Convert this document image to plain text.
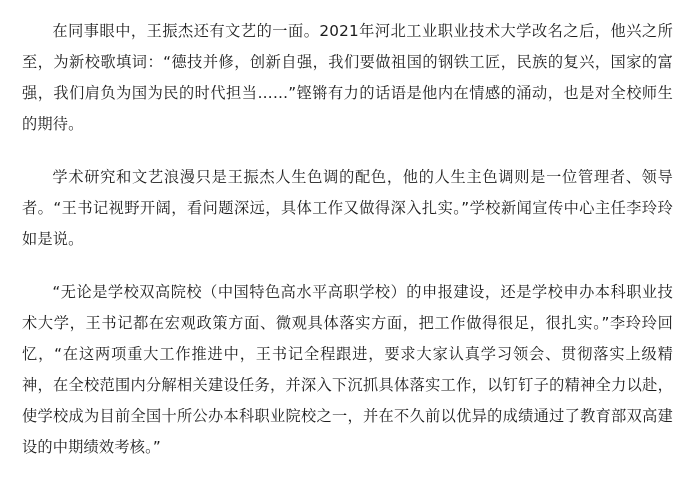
在同事眼中，王振杰还有文艺的一面。2021年河北工业职业技术大学改名之后，他兴之所至，为新校歌填词：“德技并修，创新自强，我们要做祖国的钢铁工匠，民族的复兴，国家的富强，我们肩负为国为民的时代担当……”铿锵有力的话语是他内在情感的涌动，也是对全校师生的期待。

学术研究和文艺浪漫只是王振杰人生色调的配色，他的人生主色调则是一位管理者、领导者。“王书记视野开阔，看问题深远，具体工作又做得深入扎实。”学校新闻宣传中心主任李玲玲如是说。

“无论是学校双高院校（中国特色高水平高职学校）的申报建设，还是学校申办本科职业技术大学，王书记都在宏观政策方面、微观具体落实方面，把工作做得很足，很扎实。”李玲玲回忆，“在这两项重大工作推进中，王书记全程跟进，要求大家认真学习领会、贯彻落实上级精神，在全校范围内分解相关建设任务，并深入下沉抓具体落实工作，以钉钉子的精神全力以赴，使学校成为目前全国十所公办本科职业院校之一，并在不久前以优异的成绩通过了教育部双高建设的中期绩效考核。”
